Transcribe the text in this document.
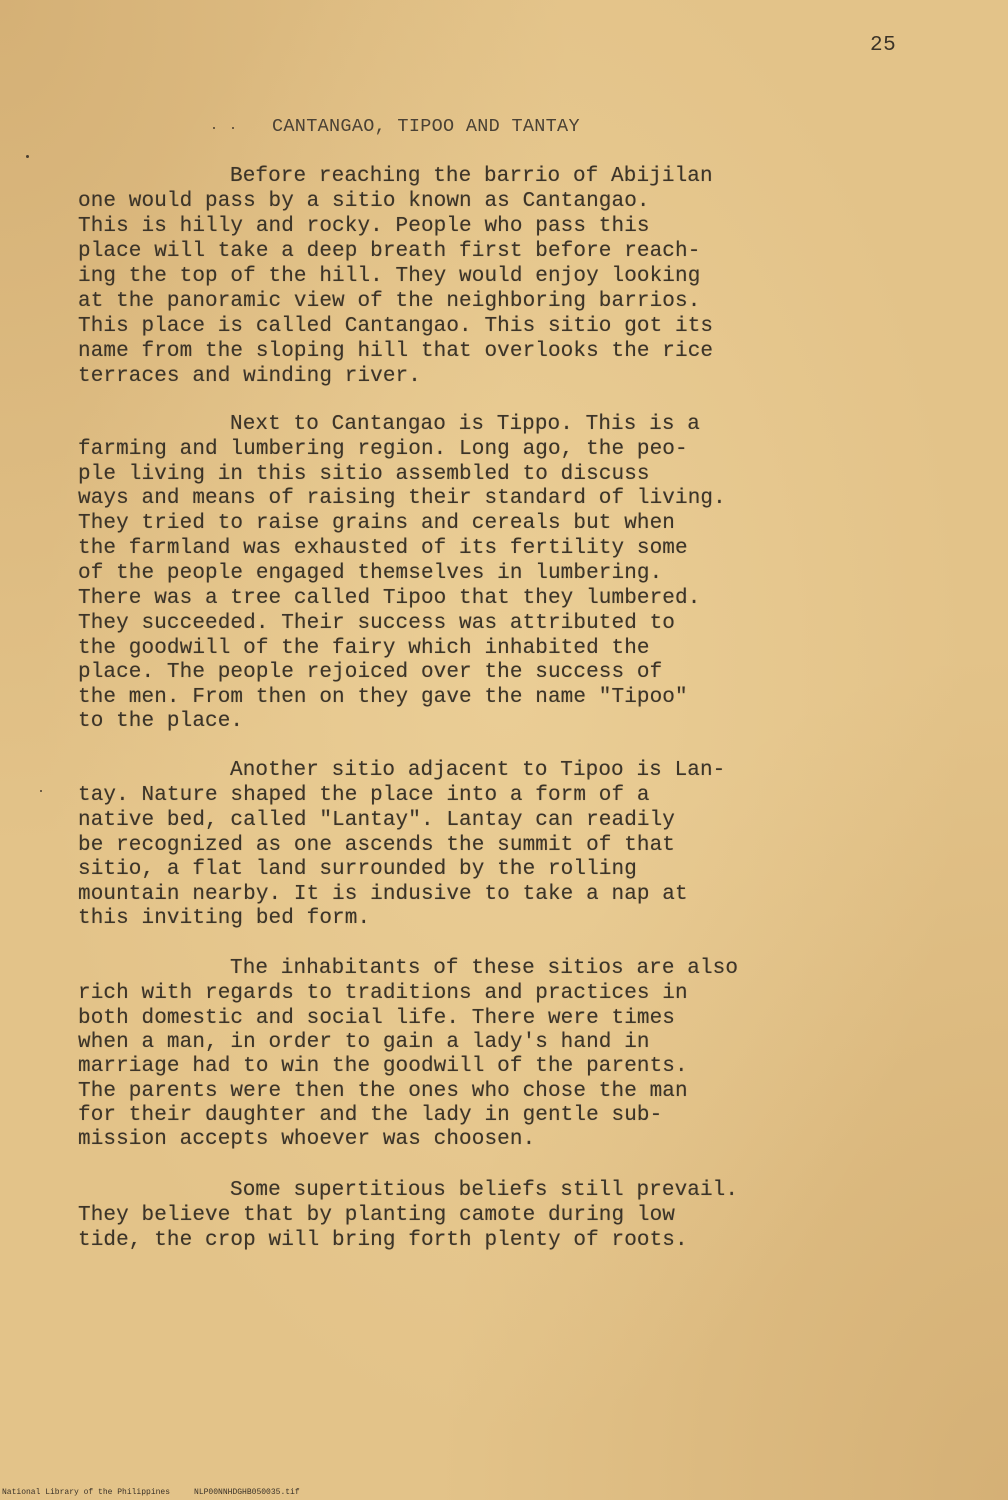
25
CANTANGAO, TIPOO AND TANTAY
Before reaching the barrio of Abijilan
one would pass by a sitio known as Cantangao.
This is hilly and rocky. People who pass this
place will take a deep breath first before reach-
ing the top of the hill. They would enjoy looking
at the panoramic view of the neighboring barrios.
This place is called Cantangao. This sitio got its
name from the sloping hill that overlooks the rice
terraces and winding river.
Next to Cantangao is Tippo. This is a
farming and lumbering region. Long ago, the peo-
ple living in this sitio assembled to discuss
ways and means of raising their standard of living.
They tried to raise grains and cereals but when
the farmland was exhausted of its fertility some
of the people engaged themselves in lumbering.
There was a tree called Tipoo that they lumbered.
They succeeded. Their success was attributed to
the goodwill of the fairy which inhabited the
place. The people rejoiced over the success of
the men. From then on they gave the name "Tipoo"
to the place.
Another sitio adjacent to Tipoo is Lan-
tay. Nature shaped the place into a form of a
native bed, called "Lantay". Lantay can readily
be recognized as one ascends the summit of that
sitio, a flat land surrounded by the rolling
mountain nearby. It is indusive to take a nap at
this inviting bed form.
The inhabitants of these sitios are also
rich with regards to traditions and practices in
both domestic and social life. There were times
when a man, in order to gain a lady's hand in
marriage had to win the goodwill of the parents.
The parents were then the ones who chose the man
for their daughter and the lady in gentle sub-
mission accepts whoever was choosen.
Some supertitious beliefs still prevail.
They believe that by planting camote during low
tide, the crop will bring forth plenty of roots.
National Library of the Philippines     NLP00NNHDGHB050035.tif
